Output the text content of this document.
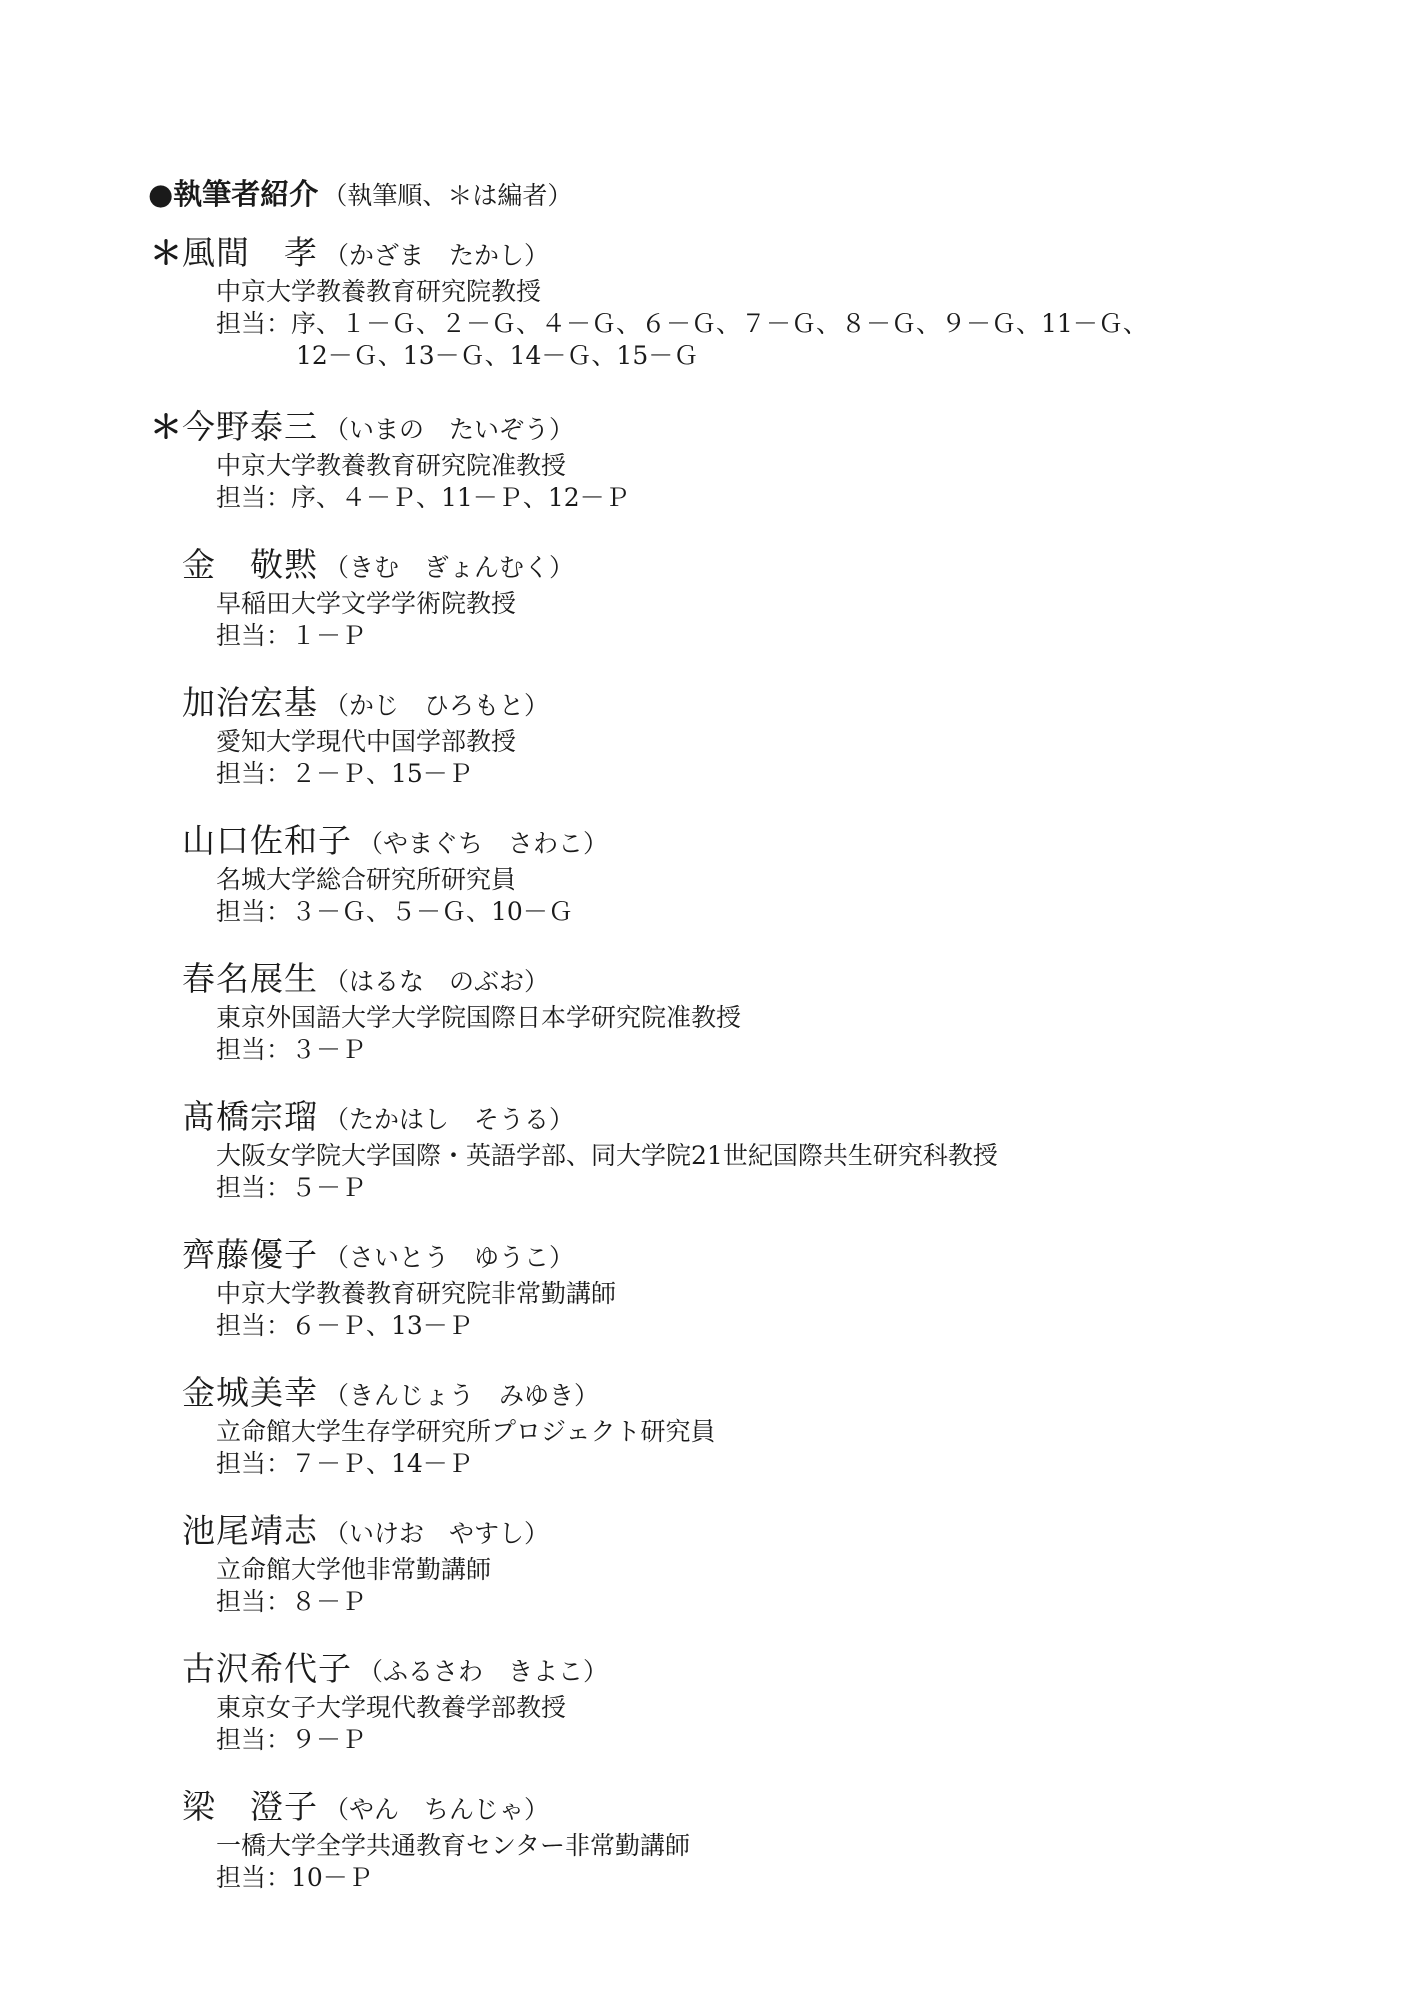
●執筆者紹介 （執筆順、＊は編者）
＊ 風間　孝 （かざま　たかし）
中京大学教養教育研究院教授
担当：序、１－Ｇ、２－Ｇ、４－Ｇ、６－Ｇ、７－Ｇ、８－Ｇ、９－Ｇ、11－Ｇ、
12－Ｇ、13－Ｇ、14－Ｇ、15－Ｇ
＊ 今野泰三 （いまの　たいぞう）
中京大学教養教育研究院准教授
担当：序、４－Ｐ、11－Ｐ、12－Ｐ
金　敬黙 （きむ　ぎょんむく）
早稲田大学文学学術院教授
担当：１－Ｐ
加治宏基 （かじ　ひろもと）
愛知大学現代中国学部教授
担当：２－Ｐ、15－Ｐ
山口佐和子 （やまぐち　さわこ）
名城大学総合研究所研究員
担当：３－Ｇ、５－Ｇ、10－Ｇ
春名展生 （はるな　のぶお）
東京外国語大学大学院国際日本学研究院准教授
担当：３－Ｐ
髙橋宗瑠 （たかはし　そうる）
大阪女学院大学国際・英語学部、同大学院21世紀国際共生研究科教授
担当：５－Ｐ
齊藤優子 （さいとう　ゆうこ）
中京大学教養教育研究院非常勤講師
担当：６－Ｐ、13－Ｐ
金城美幸 （きんじょう　みゆき）
立命館大学生存学研究所プロジェクト研究員
担当：７－Ｐ、14－Ｐ
池尾靖志 （いけお　やすし）
立命館大学他非常勤講師
担当：８－Ｐ
古沢希代子 （ふるさわ　きよこ）
東京女子大学現代教養学部教授
担当：９－Ｐ
梁　澄子 （やん　ちんじゃ）
一橋大学全学共通教育センター非常勤講師
担当：10－Ｐ
